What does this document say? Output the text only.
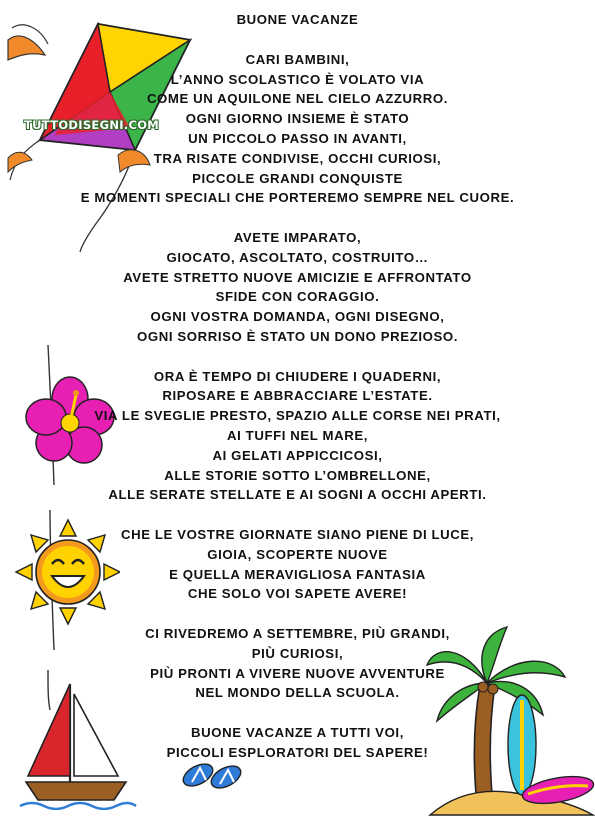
TUTTODISEGNI.COM
BUONE VACANZE
CARI BAMBINI,
L’ANNO SCOLASTICO È VOLATO VIA
COME UN AQUILONE NEL CIELO AZZURRO.
OGNI GIORNO INSIEME È STATO
UN PICCOLO PASSO IN AVANTI,
TRA RISATE CONDIVISE, OCCHI CURIOSI,
PICCOLE GRANDI CONQUISTE
E MOMENTI SPECIALI CHE PORTEREMO SEMPRE NEL CUORE.
AVETE IMPARATO,
GIOCATO, ASCOLTATO, COSTRUITO…
AVETE STRETTO NUOVE AMICIZIE E AFFRONTATO
SFIDE CON CORAGGIO.
OGNI VOSTRA DOMANDA, OGNI DISEGNO,
OGNI SORRISO È STATO UN DONO PREZIOSO.
ORA È TEMPO DI CHIUDERE I QUADERNI,
RIPOSARE E ABBRACCIARE L’ESTATE.
VIA LE SVEGLIE PRESTO, SPAZIO ALLE CORSE NEI PRATI,
AI TUFFI NEL MARE,
AI GELATI APPICCICOSI,
ALLE STORIE SOTTO L’OMBRELLONE,
ALLE SERATE STELLATE E AI SOGNI A OCCHI APERTI.
CHE LE VOSTRE GIORNATE SIANO PIENE DI LUCE,
GIOIA, SCOPERTE NUOVE
E QUELLA MERAVIGLIOSA FANTASIA
CHE SOLO VOI SAPETE AVERE!
CI RIVEDREMO A SETTEMBRE, PIÙ GRANDI,
PIÙ CURIOSI,
PIÙ PRONTI A VIVERE NUOVE AVVENTURE
NEL MONDO DELLA SCUOLA.
BUONE VACANZE A TUTTI VOI,
PICCOLI ESPLORATORI DEL SAPERE!
